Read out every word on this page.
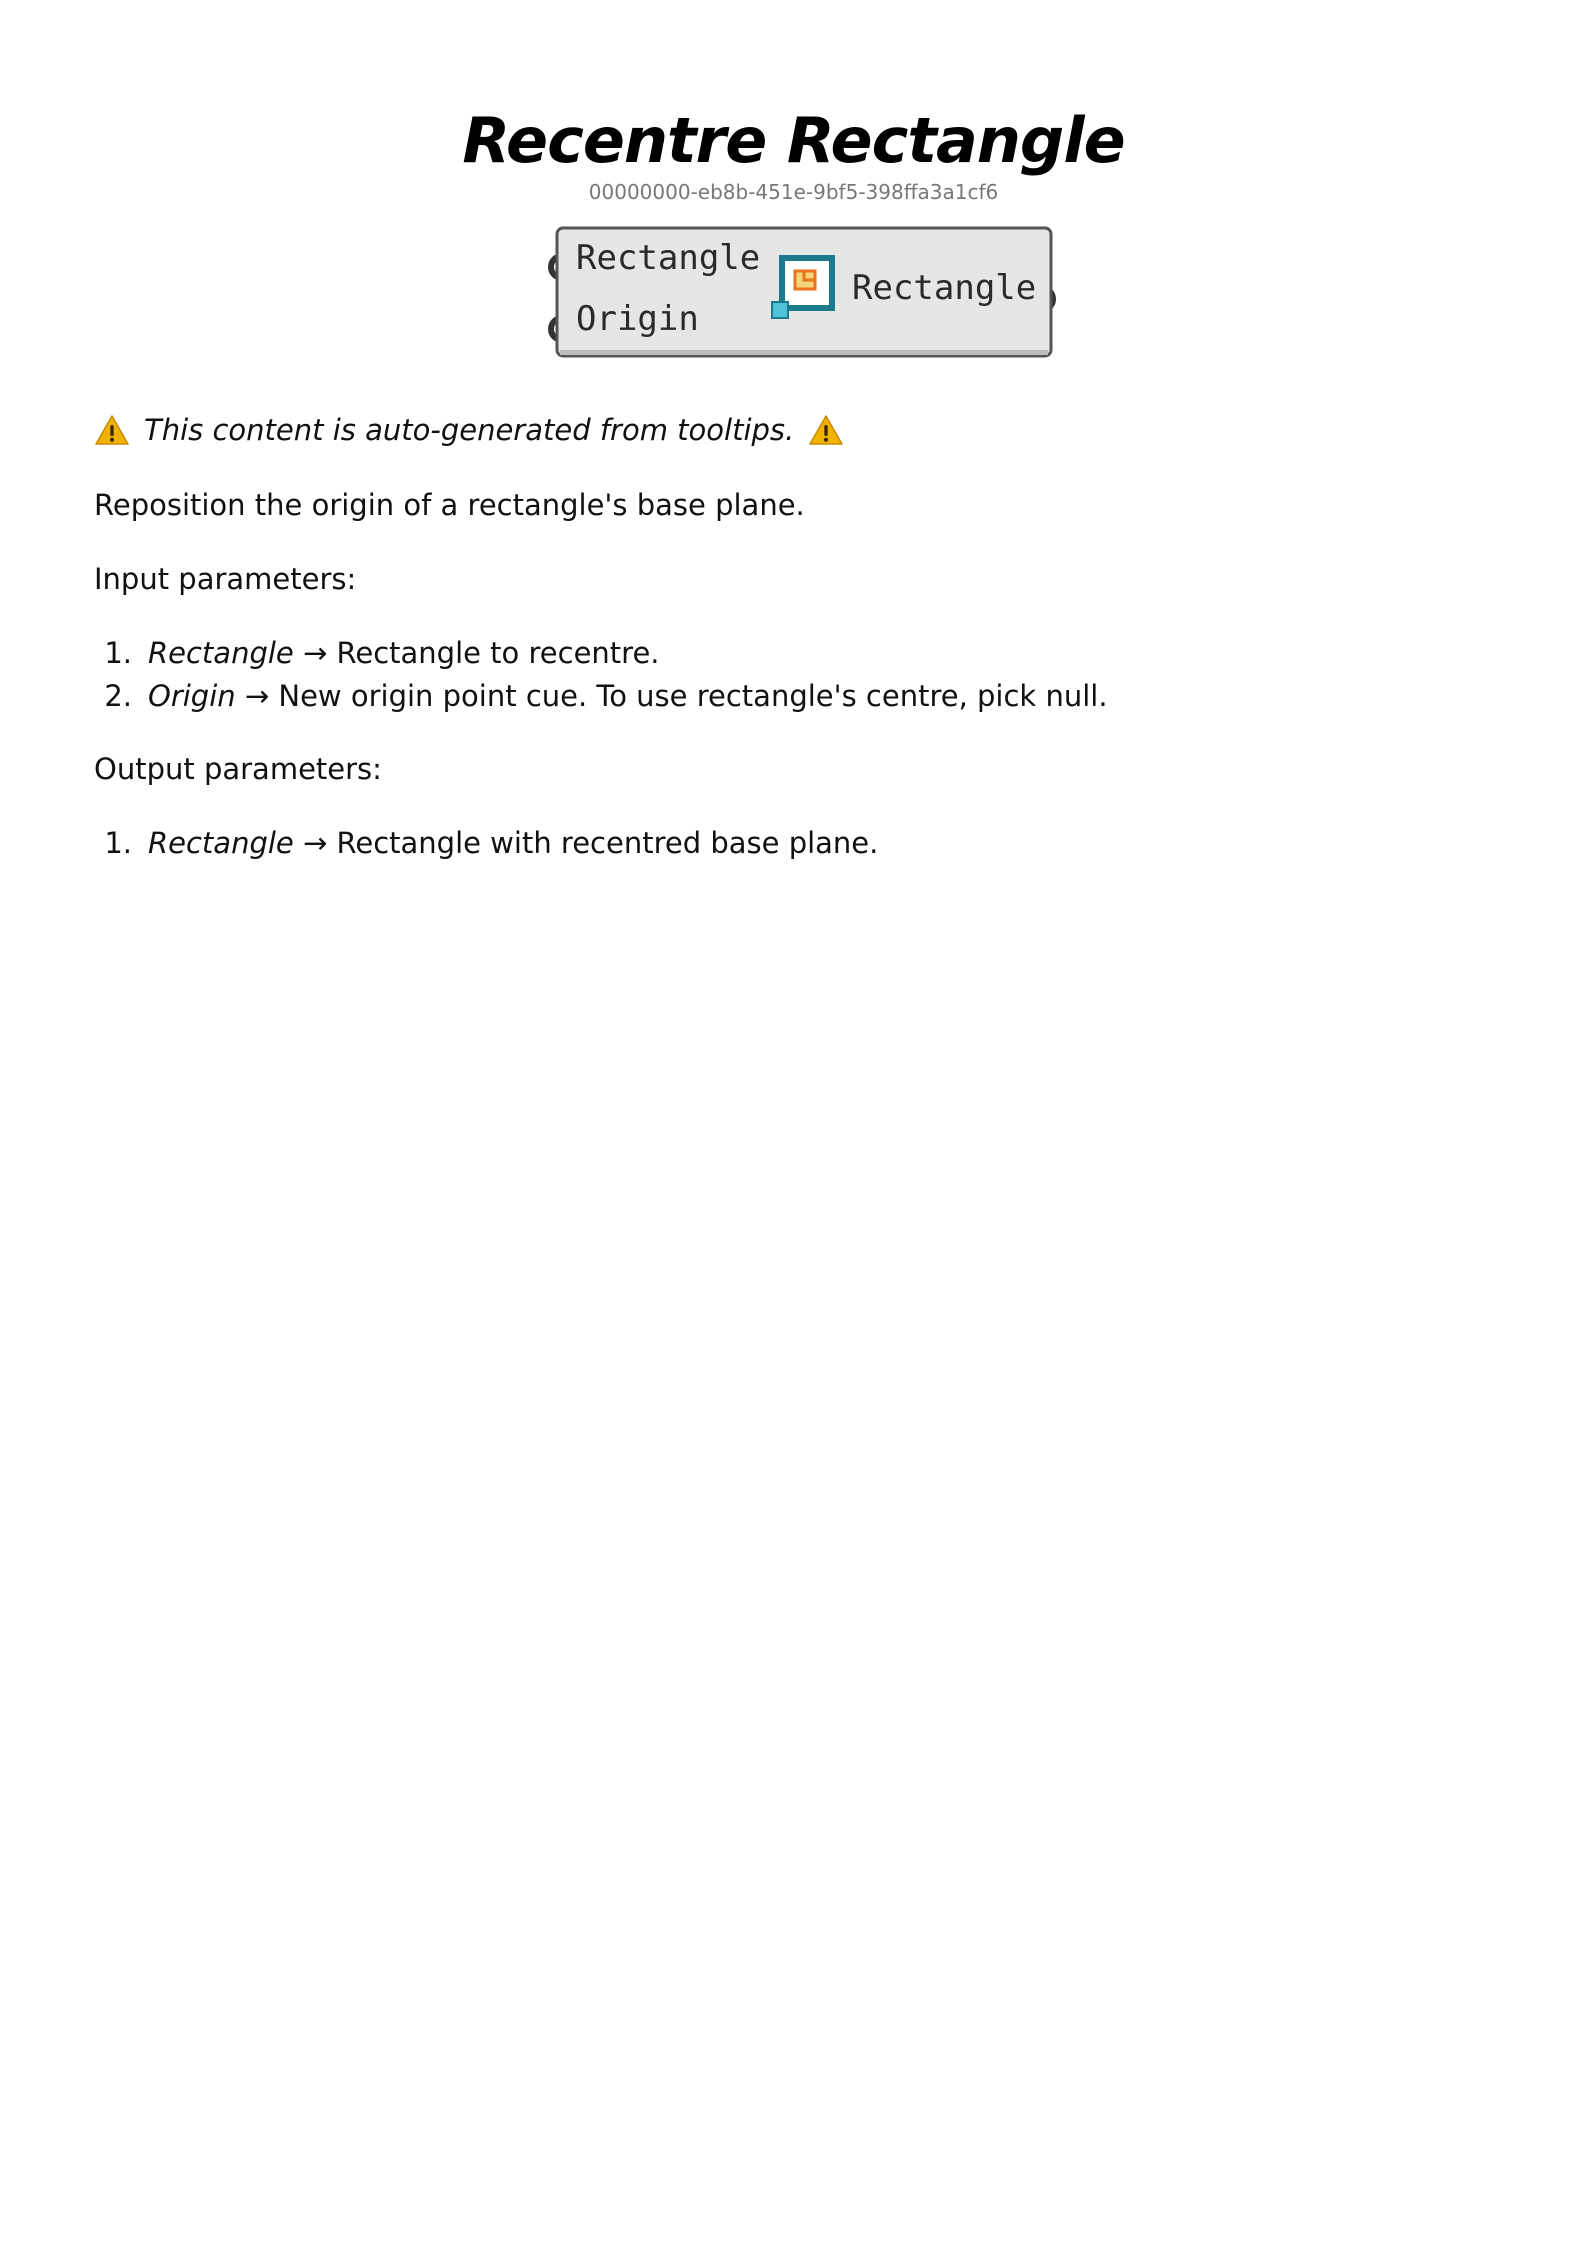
Recentre Rectangle
00000000-eb8b-451e-9bf5-398ffa3a1cf6
Rectangle
Origin
Rectangle
This content is auto-generated from tooltips.
Reposition the origin of a rectangle's base plane.
Input parameters:
1. Rectangle → Rectangle to recentre.
2. Origin → New origin point cue. To use rectangle's centre, pick null.
Output parameters:
1. Rectangle → Rectangle with recentred base plane.
